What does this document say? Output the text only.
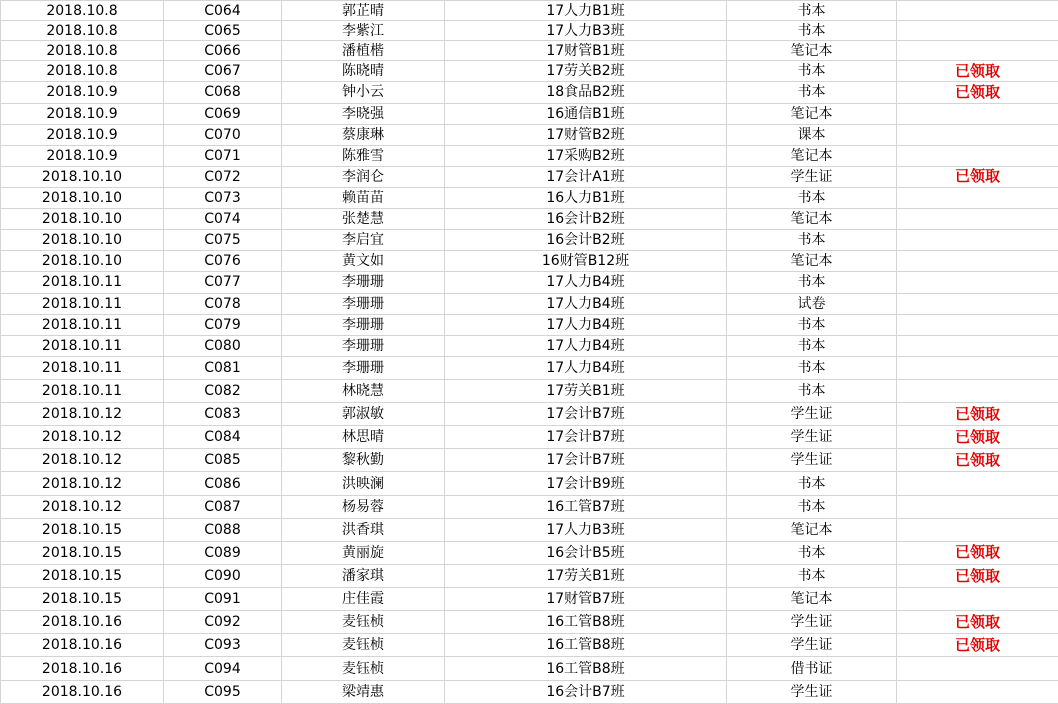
2018.10.8	C064	郭芷晴	17人力B1班	书本	
2018.10.8	C065	李紫江	17人力B3班	书本	
2018.10.8	C066	潘植楷	17财管B1班	笔记本	
2018.10.8	C067	陈晓晴	17劳关B2班	书本	已领取
2018.10.9	C068	钟小云	18食品B2班	书本	已领取
2018.10.9	C069	李晓强	16通信B1班	笔记本	
2018.10.9	C070	蔡康琳	17财管B2班	课本	
2018.10.9	C071	陈雅雪	17采购B2班	笔记本	
2018.10.10	C072	李润仑	17会计A1班	学生证	已领取
2018.10.10	C073	赖苗苗	16人力B1班	书本	
2018.10.10	C074	张楚慧	16会计B2班	笔记本	
2018.10.10	C075	李启宜	16会计B2班	书本	
2018.10.10	C076	黄文如	16财管B12班	笔记本	
2018.10.11	C077	李珊珊	17人力B4班	书本	
2018.10.11	C078	李珊珊	17人力B4班	试卷	
2018.10.11	C079	李珊珊	17人力B4班	书本	
2018.10.11	C080	李珊珊	17人力B4班	书本	
2018.10.11	C081	李珊珊	17人力B4班	书本	
2018.10.11	C082	林晓慧	17劳关B1班	书本	
2018.10.12	C083	郭淑敏	17会计B7班	学生证	已领取
2018.10.12	C084	林思晴	17会计B7班	学生证	已领取
2018.10.12	C085	黎秋勤	17会计B7班	学生证	已领取
2018.10.12	C086	洪映澜	17会计B9班	书本	
2018.10.12	C087	杨易蓉	16工管B7班	书本	
2018.10.15	C088	洪香琪	17人力B3班	笔记本	
2018.10.15	C089	黄丽旋	16会计B5班	书本	已领取
2018.10.15	C090	潘家琪	17劳关B1班	书本	已领取
2018.10.15	C091	庄佳霞	17财管B7班	笔记本	
2018.10.16	C092	麦钰桢	16工管B8班	学生证	已领取
2018.10.16	C093	麦钰桢	16工管B8班	学生证	已领取
2018.10.16	C094	麦钰桢	16工管B8班	借书证	
2018.10.16	C095	梁靖惠	16会计B7班	学生证	
